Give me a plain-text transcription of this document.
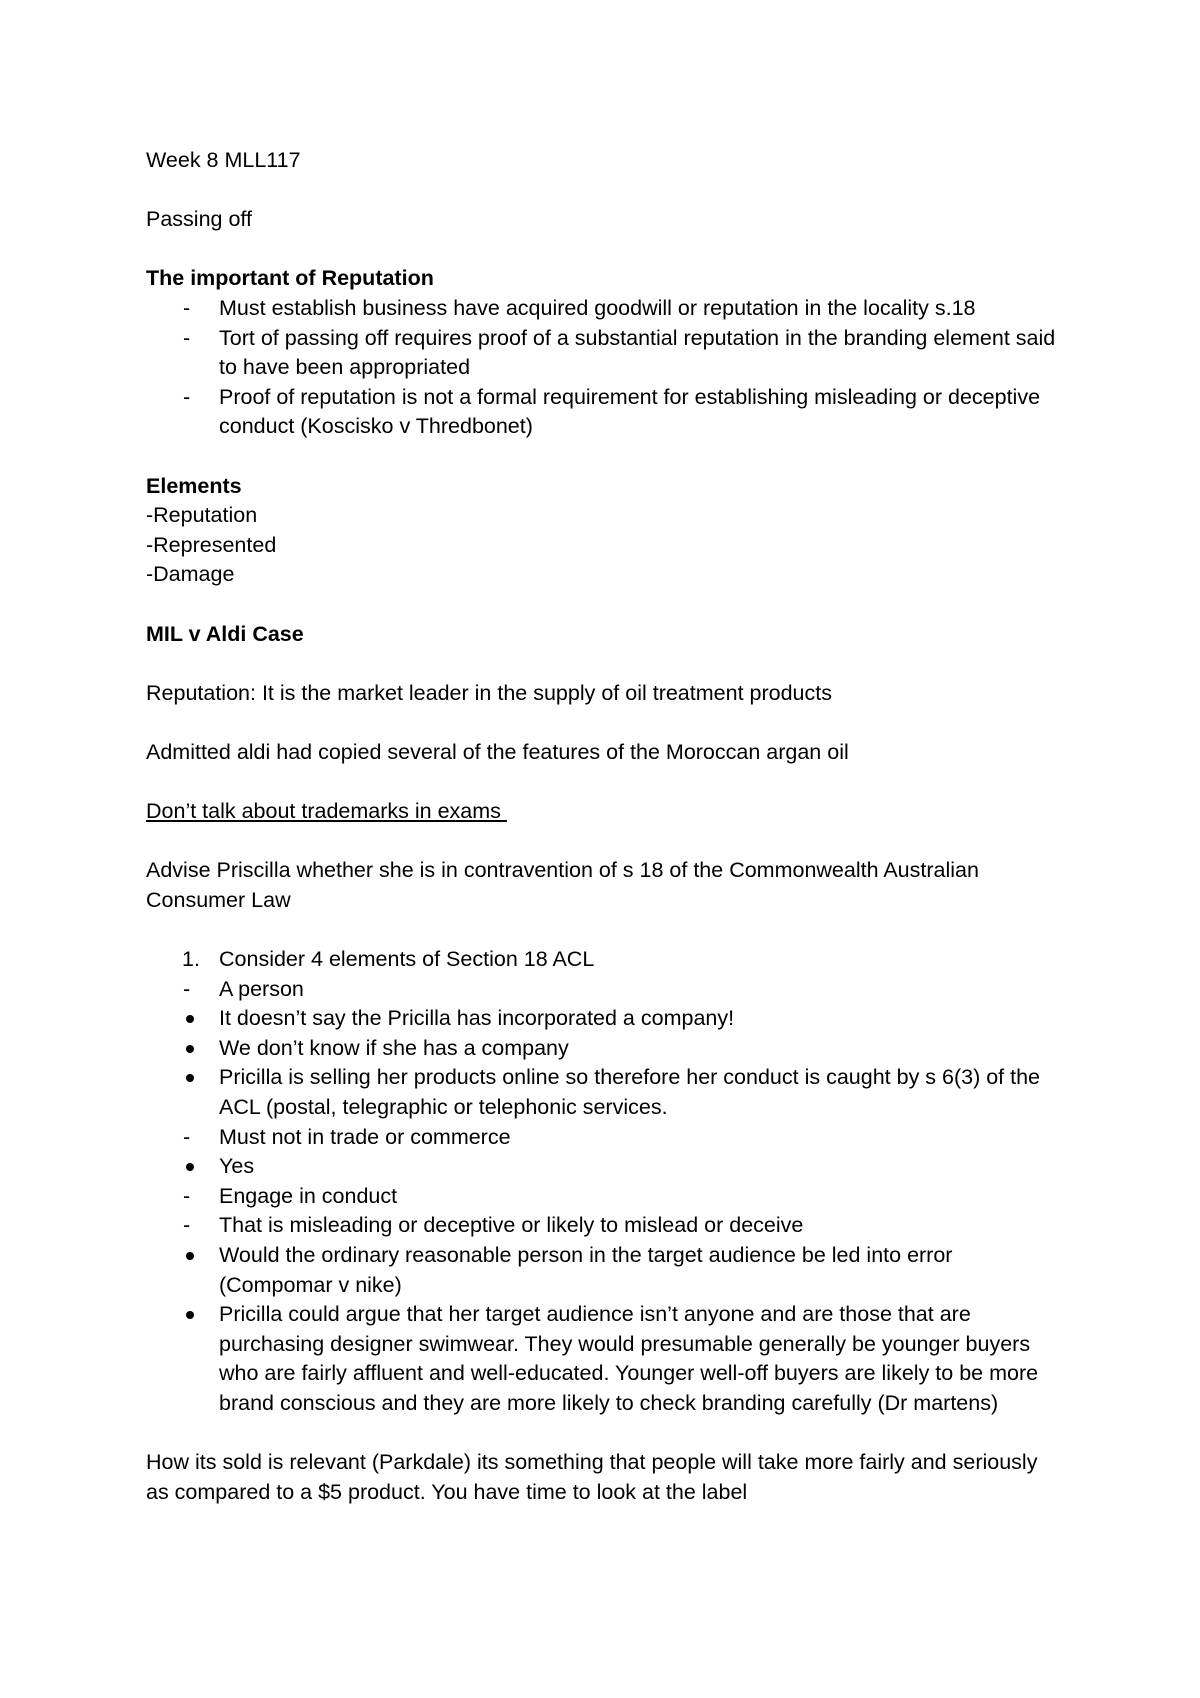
Week 8 MLL117

Passing off

The important of Reputation

-	Must establish business have acquired goodwill or reputation in the locality s.18
-	Tort of passing off requires proof of a substantial reputation in the branding element said to have been appropriated
-	Proof of reputation is not a formal requirement for establishing misleading or deceptive conduct (Koscisko v Thredbonet)

Elements

-Reputation

-Represented

-Damage

MIL v Aldi Case

Reputation: It is the market leader in the supply of oil treatment products

Admitted aldi had copied several of the features of the Moroccan argan oil

Don’t talk about trademarks in exams

Advise Priscilla whether she is in contravention of s 18 of the Commonwealth Australian Consumer Law

1. Consider 4 elements of Section 18 ACL
-	A person
It doesn’t say the Pricilla has incorporated a company!
We don’t know if she has a company
Pricilla is selling her products online so therefore her conduct is caught by s 6(3) of the ACL (postal, telegraphic or telephonic services.
-	Must not in trade or commerce
Yes
-	Engage in conduct
-	That is misleading or deceptive or likely to mislead or deceive
Would the ordinary reasonable person in the target audience be led into error (Compomar v nike)
Pricilla could argue that her target audience isn’t anyone and are those that are purchasing designer swimwear. They would presumable generally be younger buyers who are fairly affluent and well-educated. Younger well-off buyers are likely to be more brand conscious and they are more likely to check branding carefully (Dr martens)

How its sold is relevant (Parkdale) its something that people will take more fairly and seriously as compared to a $5 product. You have time to look at the label
